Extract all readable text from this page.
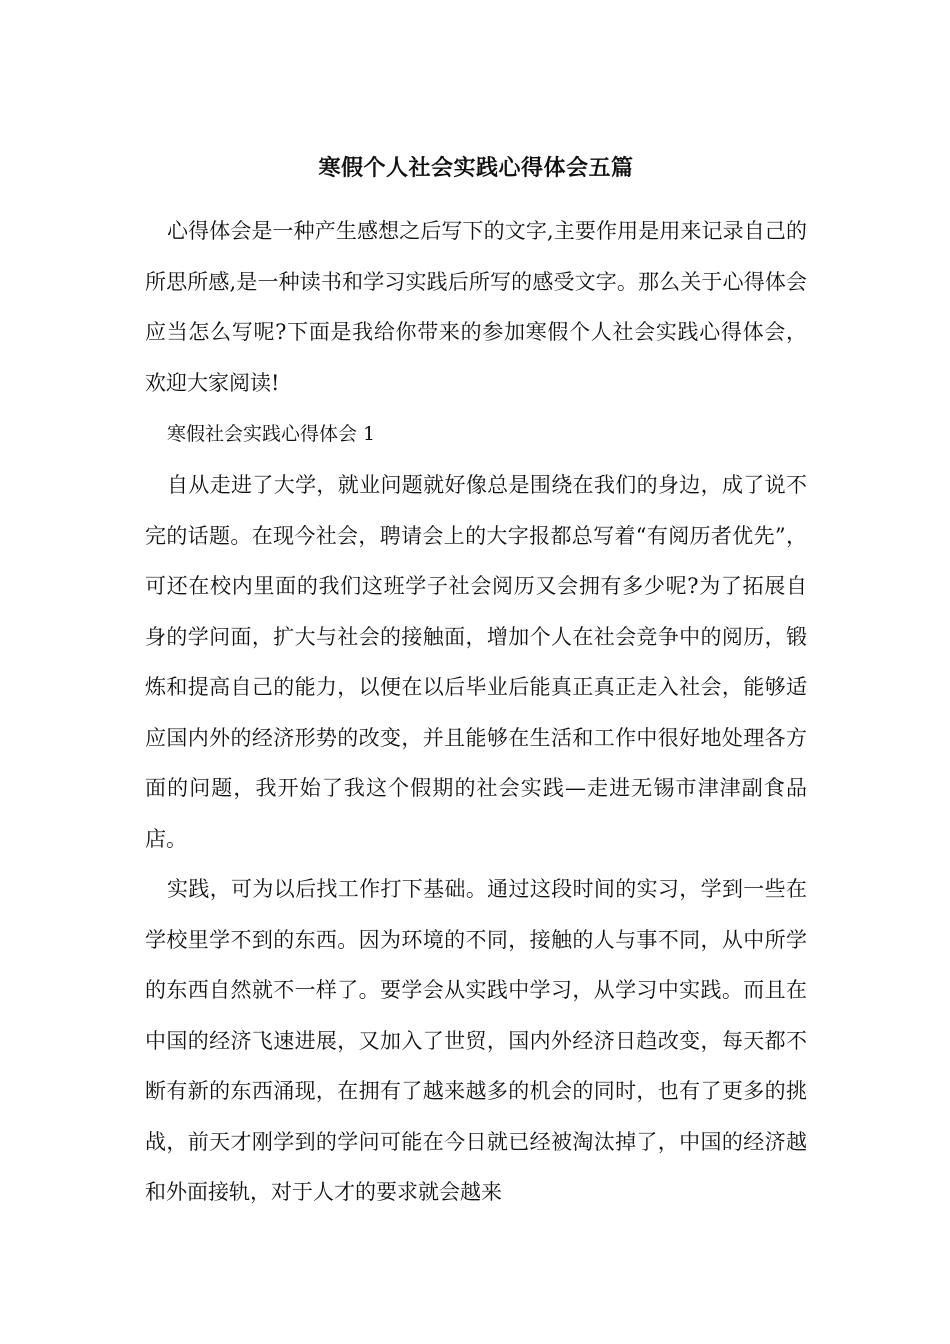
寒假个人社会实践心得体会五篇

心得体会是一种产生感想之后写下的文字,主要作用是用来记录自己的所思所感,是一种读书和学习实践后所写的感受文字。那么关于心得体会应当怎么写呢?下面是我给你带来的参加寒假个人社会实践心得体会，欢迎大家阅读!

寒假社会实践心得体会 1

自从走进了大学，就业问题就好像总是围绕在我们的身边，成了说不完的话题。在现今社会，聘请会上的大字报都总写着“有阅历者优先”，可还在校内里面的我们这班学子社会阅历又会拥有多少呢?为了拓展自身的学问面，扩大与社会的接触面，增加个人在社会竞争中的阅历，锻炼和提高自己的能力，以便在以后毕业后能真正真正走入社会，能够适应国内外的经济形势的改变，并且能够在生活和工作中很好地处理各方面的问题，我开始了我这个假期的社会实践—走进无锡市津津副食品店。

实践，可为以后找工作打下基础。通过这段时间的实习，学到一些在学校里学不到的东西。因为环境的不同，接触的人与事不同，从中所学的东西自然就不一样了。要学会从实践中学习，从学习中实践。而且在中国的经济飞速进展，又加入了世贸，国内外经济日趋改变，每天都不断有新的东西涌现，在拥有了越来越多的机会的同时，也有了更多的挑战，前天才刚学到的学问可能在今日就已经被淘汰掉了，中国的经济越和外面接轨，对于人才的要求就会越来
